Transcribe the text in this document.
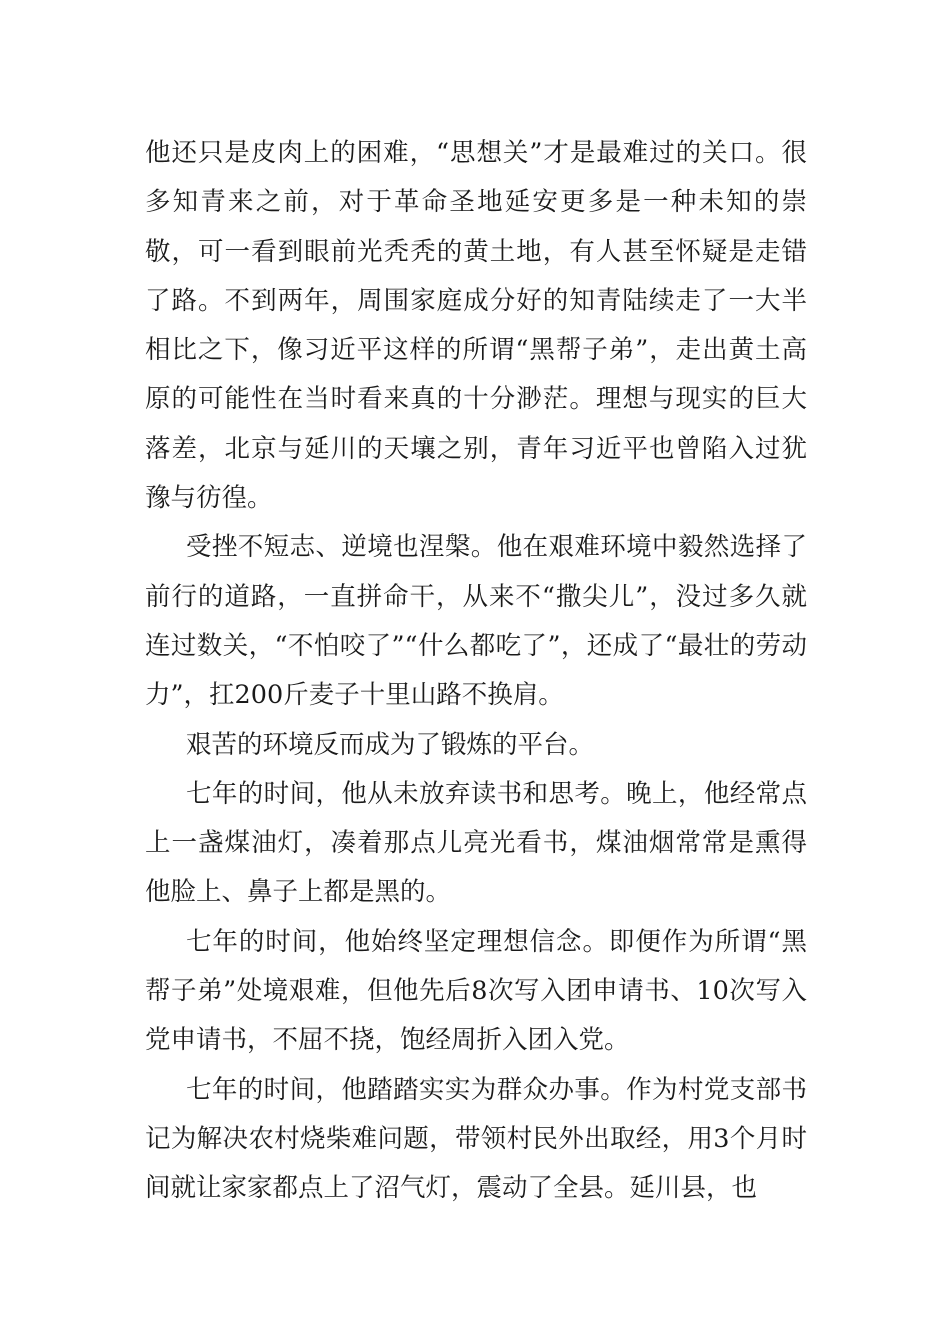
他还只是皮肉上的困难，“思想关”才是最难过的关口。很多知青来之前，对于革命圣地延安更多是一种未知的崇敬，可一看到眼前光秃秃的黄土地，有人甚至怀疑是走错了路。不到两年，周围家庭成分好的知青陆续走了一大半相比之下，像习近平这样的所谓“黑帮子弟”，走出黄土高原的可能性在当时看来真的十分渺茫。理想与现实的巨大落差，北京与延川的天壤之别，青年习近平也曾陷入过犹豫与彷徨。

受挫不短志、逆境也涅槃。他在艰难环境中毅然选择了前行的道路，一直拼命干，从来不“撒尖儿”，没过多久就连过数关，“不怕咬了”“什么都吃了”，还成了“最壮的劳动力”，扛200斤麦子十里山路不换肩。

艰苦的环境反而成为了锻炼的平台。

七年的时间，他从未放弃读书和思考。晚上，他经常点上一盏煤油灯，凑着那点儿亮光看书，煤油烟常常是熏得他脸上、鼻子上都是黑的。

七年的时间，他始终坚定理想信念。即便作为所谓“黑帮子弟”处境艰难，但他先后8次写入团申请书、10次写入党申请书，不屈不挠，饱经周折入团入党。

七年的时间，他踏踏实实为群众办事。作为村党支部书记为解决农村烧柴难问题，带领村民外出取经，用3个月时间就让家家都点上了沼气灯，震动了全县。延川县，也
